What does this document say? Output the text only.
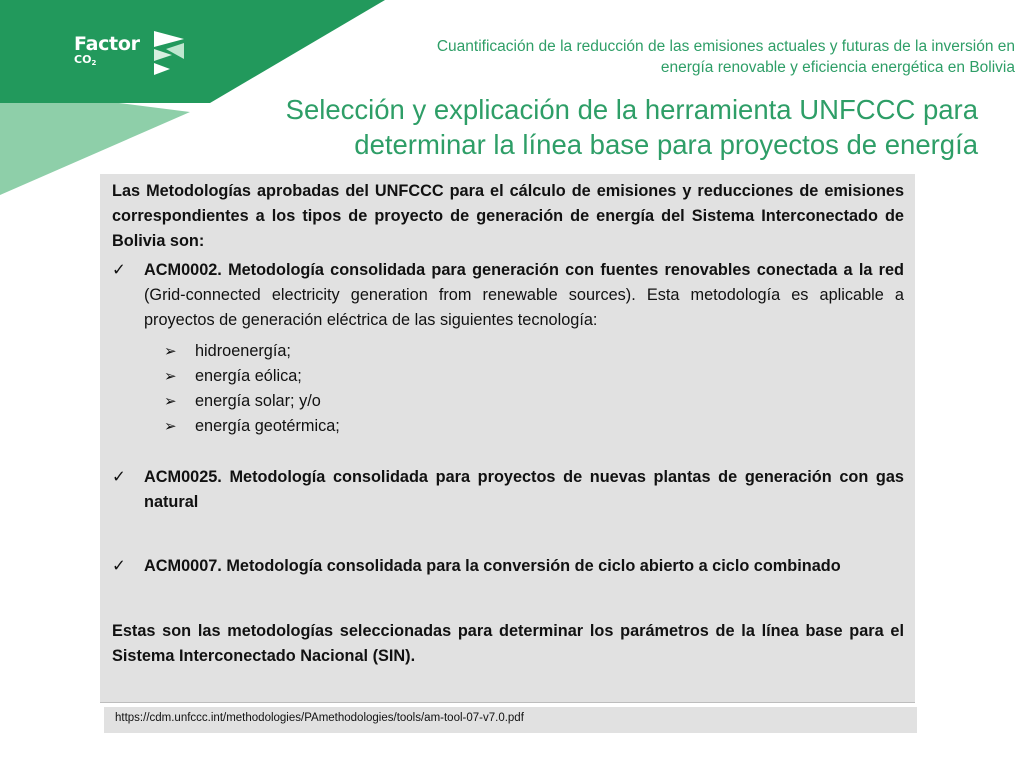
Factor
$CO_2$
Cuantificación de la reducción de las emisiones actuales y futuras de la inversión en
energía renovable y eficiencia energética en Bolivia
Selección y explicación de la herramienta UNFCCC para
determinar la línea base para proyectos de energía

Las Metodologías aprobadas del UNFCCC para el cálculo de emisiones y reducciones de emisiones correspondientes a los tipos de proyecto de generación de energía del Sistema Interconectado de Bolivia son:

✓ ACM0002. Metodología consolidada para generación con fuentes renovables conectada a la red (Grid-connected electricity generation from renewable sources). Esta metodología es aplicable a proyectos de generación eléctrica de las siguientes tecnología:
➢ hidroenergía;
➢ energía eólica;
➢ energía solar; y/o
➢ energía geotérmica;
✓ ACM0025. Metodología consolidada para proyectos de nuevas plantas de generación con gas natural
✓ ACM0007. Metodología consolidada para la conversión de ciclo abierto a ciclo combinado

Estas son las metodologías seleccionadas para determinar los parámetros de la línea base para el Sistema Interconectado Nacional (SIN).

https://cdm.unfccc.int/methodologies/PAmethodologies/tools/am-tool-07-v7.0.pdf
